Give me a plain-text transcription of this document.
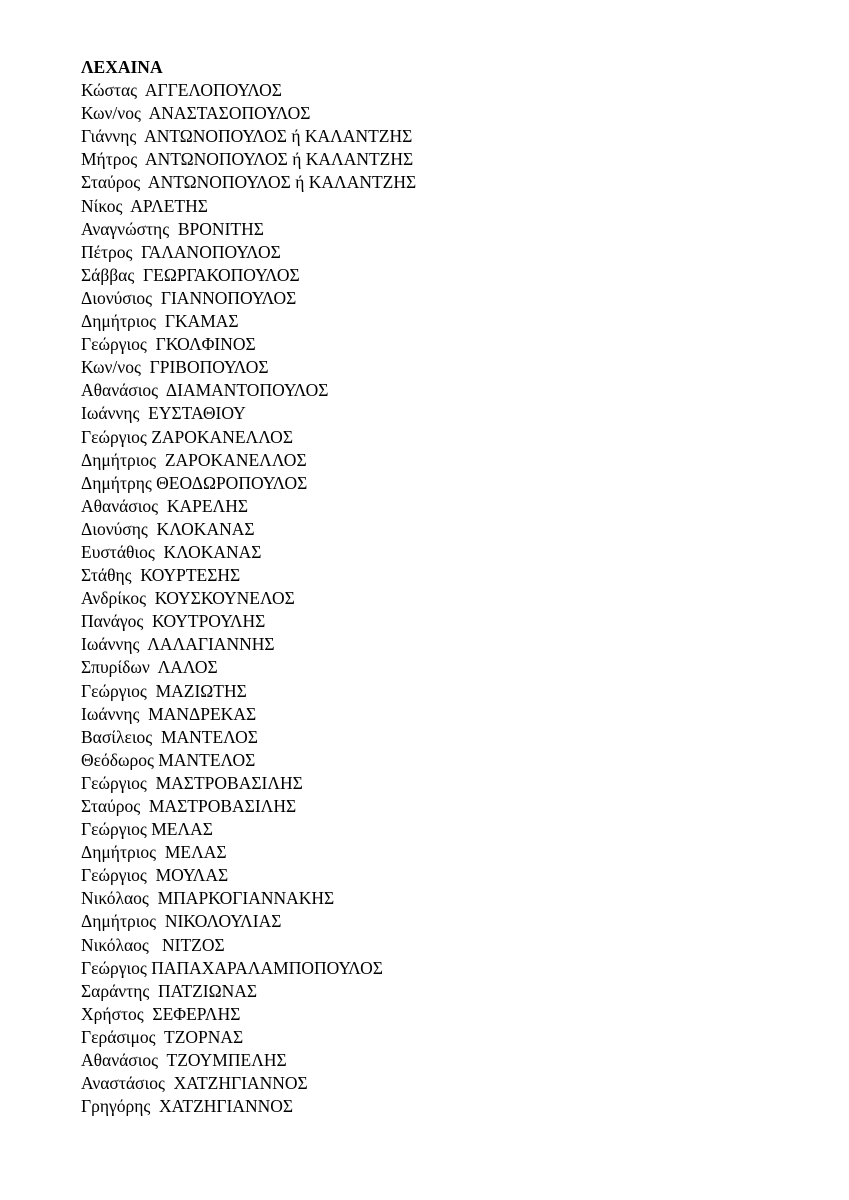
ΛΕΧΑΙΝΑ
Κώστας  ΑΓΓΕΛΟΠΟΥΛΟΣ
Κων/νος  ΑΝΑΣΤΑΣΟΠΟΥΛΟΣ
Γιάννης  ΑΝΤΩΝΟΠΟΥΛΟΣ ή ΚΑΛΑΝΤΖΗΣ
Μήτρος  ΑΝΤΩΝΟΠΟΥΛΟΣ ή ΚΑΛΑΝΤΖΗΣ
Σταύρος  ΑΝΤΩΝΟΠΟΥΛΟΣ ή ΚΑΛΑΝΤΖΗΣ
Νίκος  ΑΡΛΕΤΗΣ
Αναγνώστης  ΒΡΟΝΙΤΗΣ
Πέτρος  ΓΑΛΑΝΟΠΟΥΛΟΣ
Σάββας  ΓΕΩΡΓΑΚΟΠΟΥΛΟΣ
Διονύσιος  ΓΙΑΝΝΟΠΟΥΛΟΣ
Δημήτριος  ΓΚΑΜΑΣ
Γεώργιος  ΓΚΟΛΦΙΝΟΣ
Κων/νος  ΓΡΙΒΟΠΟΥΛΟΣ
Αθανάσιος  ΔΙΑΜΑΝΤΟΠΟΥΛΟΣ
Ιωάννης  ΕΥΣΤΑΘΙΟΥ
Γεώργιος ΖΑΡΟΚΑΝΕΛΛΟΣ
Δημήτριος  ΖΑΡΟΚΑΝΕΛΛΟΣ
Δημήτρης ΘΕΟΔΩΡΟΠΟΥΛΟΣ
Αθανάσιος  ΚΑΡΕΛΗΣ
Διονύσης  ΚΛΟΚΑΝΑΣ
Ευστάθιος  ΚΛΟΚΑΝΑΣ
Στάθης  ΚΟΥΡΤΕΣΗΣ
Ανδρίκος  ΚΟΥΣΚΟΥΝΕΛΟΣ
Πανάγος  ΚΟΥΤΡΟΥΛΗΣ
Ιωάννης  ΛΑΛΑΓΙΑΝΝΗΣ
Σπυρίδων  ΛΑΛΟΣ
Γεώργιος  ΜΑΖΙΩΤΗΣ
Ιωάννης  ΜΑΝΔΡΕΚΑΣ
Βασίλειος  ΜΑΝΤΕΛΟΣ
Θεόδωρος ΜΑΝΤΕΛΟΣ
Γεώργιος  ΜΑΣΤΡΟΒΑΣΙΛΗΣ
Σταύρος  ΜΑΣΤΡΟΒΑΣΙΛΗΣ
Γεώργιος ΜΕΛΑΣ
Δημήτριος  ΜΕΛΑΣ
Γεώργιος  ΜΟΥΛΑΣ
Νικόλαος  ΜΠΑΡΚΟΓΙΑΝΝΑΚΗΣ
Δημήτριος  ΝΙΚΟΛΟΥΛΙΑΣ
Νικόλαος   ΝΙΤΖΟΣ
Γεώργιος ΠΑΠΑΧΑΡΑΛΑΜΠΟΠΟΥΛΟΣ
Σαράντης  ΠΑΤΖΙΩΝΑΣ
Χρήστος  ΣΕΦΕΡΛΗΣ
Γεράσιμος  ΤΖΟΡΝΑΣ
Αθανάσιος  ΤΖΟΥΜΠΕΛΗΣ
Αναστάσιος  ΧΑΤΖΗΓΙΑΝΝΟΣ
Γρηγόρης  ΧΑΤΖΗΓΙΑΝΝΟΣ
